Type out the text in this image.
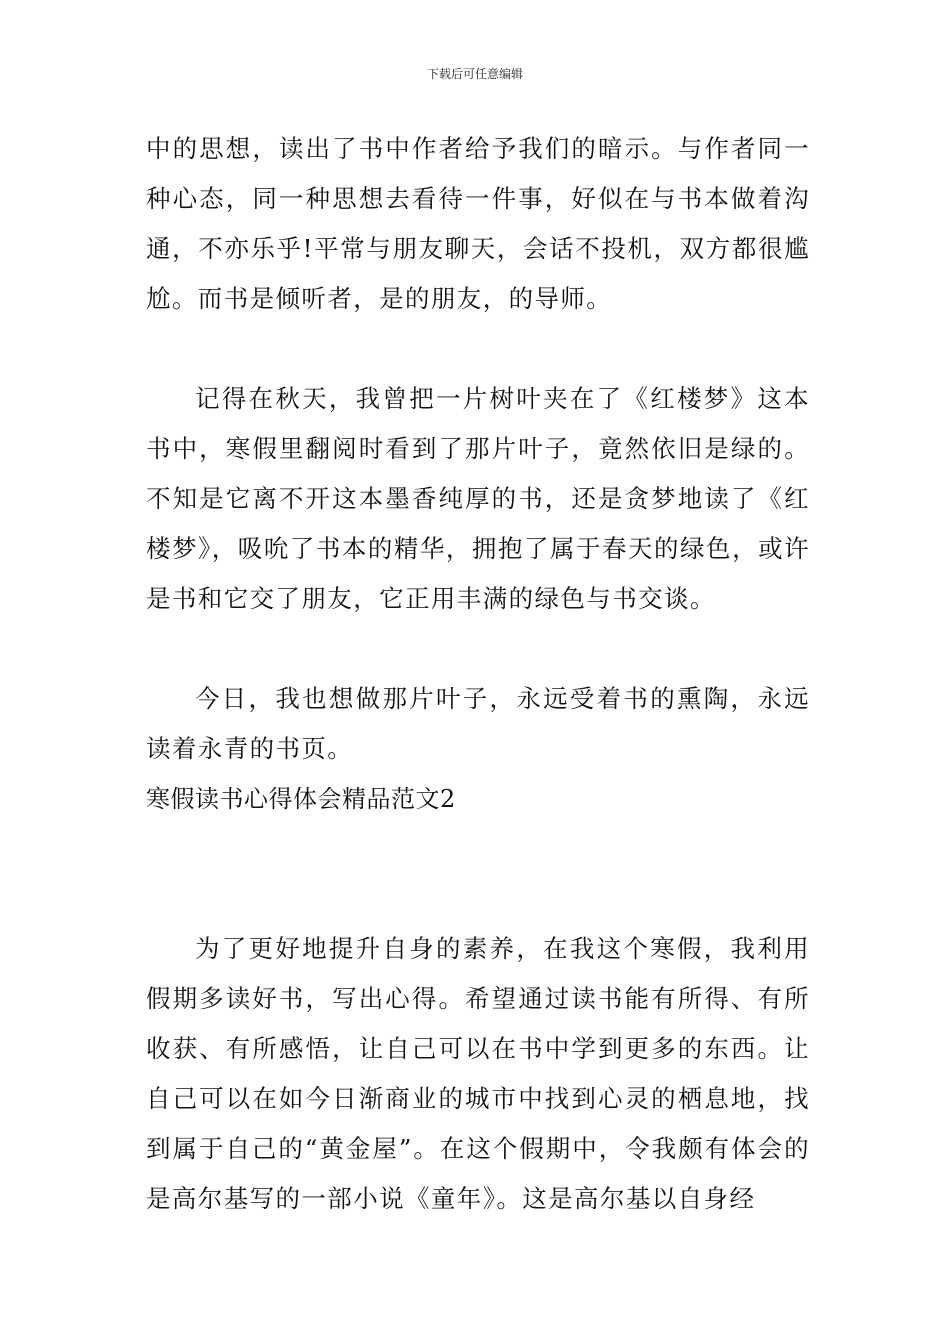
下载后可任意编辑

中的思想，读出了书中作者给予我们的暗示。与作者同一种心态，同一种思想去看待一件事，好似在与书本做着沟通，不亦乐乎!平常与朋友聊天，会话不投机，双方都很尴尬。而书是倾听者，是的朋友，的导师。

记得在秋天，我曾把一片树叶夹在了《红楼梦》这本书中，寒假里翻阅时看到了那片叶子，竟然依旧是绿的。不知是它离不开这本墨香纯厚的书，还是贪梦地读了《红楼梦》，吸吮了书本的精华，拥抱了属于春天的绿色，或许是书和它交了朋友，它正用丰满的绿色与书交谈。

今日，我也想做那片叶子，永远受着书的熏陶，永远读着永青的书页。

寒假读书心得体会精品范文2

为了更好地提升自身的素养，在我这个寒假，我利用假期多读好书，写出心得。希望通过读书能有所得、有所收获、有所感悟，让自己可以在书中学到更多的东西。让自己可以在如今日渐商业的城市中找到心灵的栖息地，找到属于自己的“黄金屋”。在这个假期中，令我颇有体会的是高尔基写的一部小说《童年》。这是高尔基以自身经
